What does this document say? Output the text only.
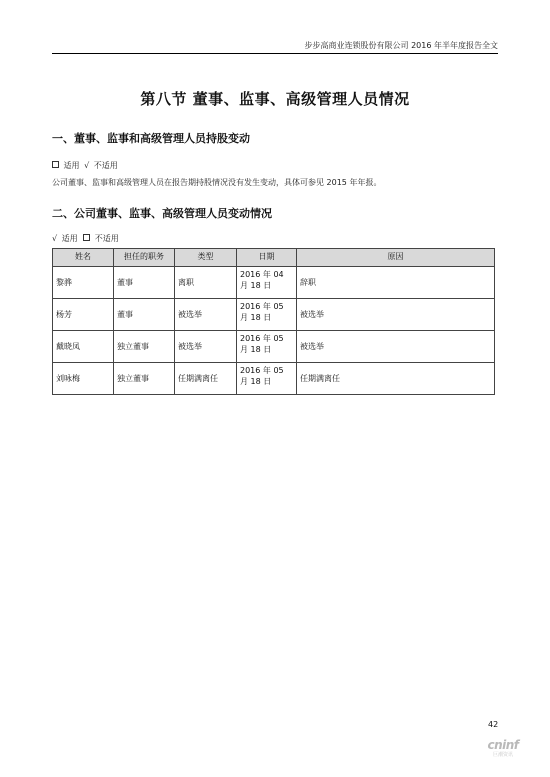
步步高商业连锁股份有限公司 2016 年半年度报告全文
第八节 董事、监事、高级管理人员情况
一、董事、监事和高级管理人员持股变动
适用 √ 不适用
公司董事、监事和高级管理人员在报告期持股情况没有发生变动，具体可参见 2015 年年报。
二、公司董事、监事、高级管理人员变动情况
√ 适用 不适用
姓名	担任的职务	类型	日期	原因
黎骅	董事	离职	2016 年 04 月 18 日	辞职
杨芳	董事	被选举	2016 年 05 月 18 日	被选举
戴晓凤	独立董事	被选举	2016 年 05 月 18 日	被选举
刘咏梅	独立董事	任期满离任	2016 年 05 月 18 日	任期满离任
42
cninf
巨潮资讯
